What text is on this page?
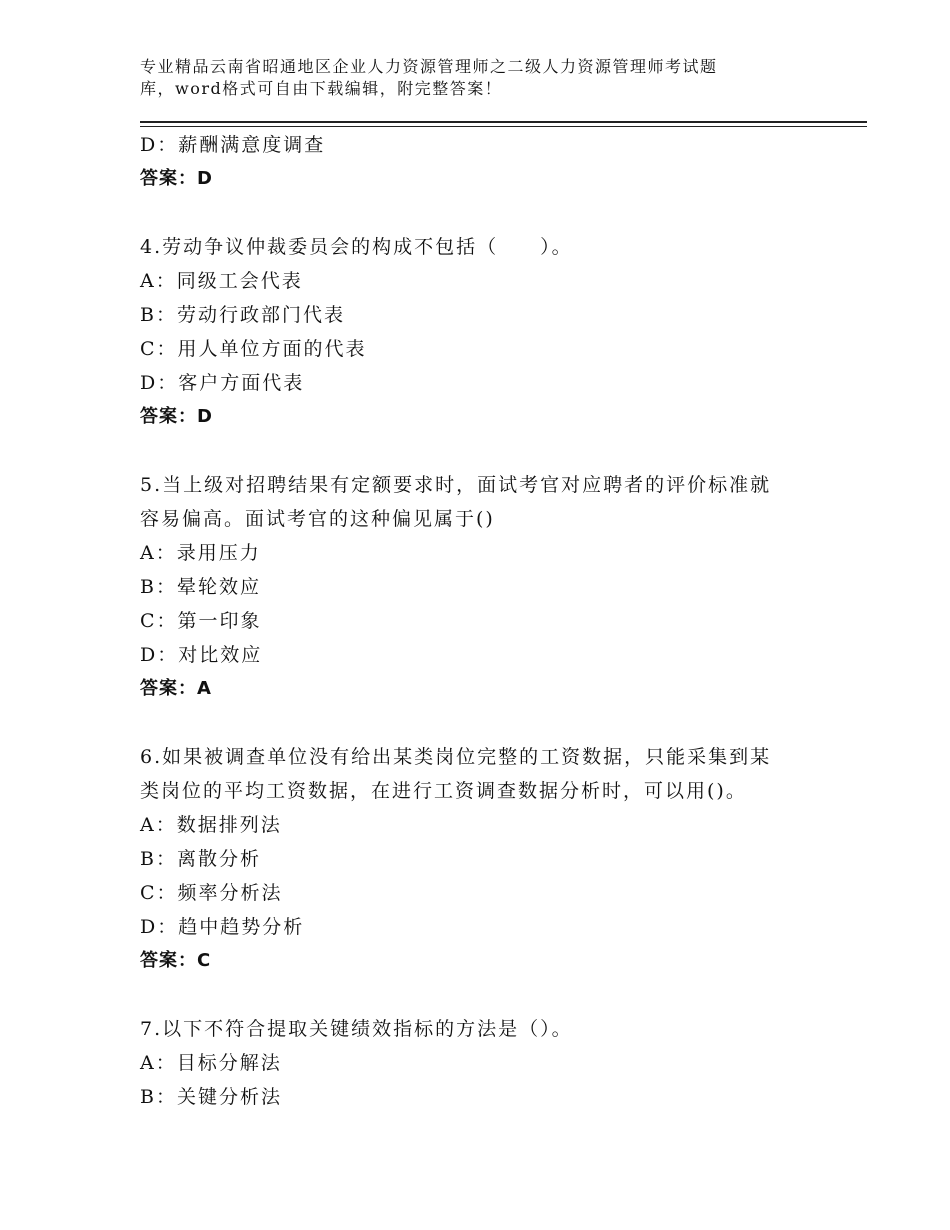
专业精品云南省昭通地区企业人力资源管理师之二级人力资源管理师考试题
库，word格式可自由下载编辑，附完整答案！
D：薪酬满意度调查
答案：D
4.劳动争议仲裁委员会的构成不包括（　　）。
A：同级工会代表
B：劳动行政部门代表
C：用人单位方面的代表
D：客户方面代表
答案：D
5.当上级对招聘结果有定额要求时，面试考官对应聘者的评价标准就
容易偏高。面试考官的这种偏见属于()
A：录用压力
B：晕轮效应
C：第一印象
D：对比效应
答案：A
6.如果被调查单位没有给出某类岗位完整的工资数据，只能采集到某
类岗位的平均工资数据，在进行工资调查数据分析时，可以用()。
A：数据排列法
B：离散分析
C：频率分析法
D：趋中趋势分析
答案：C
7.以下不符合提取关键绩效指标的方法是（）。
A：目标分解法
B：关键分析法
